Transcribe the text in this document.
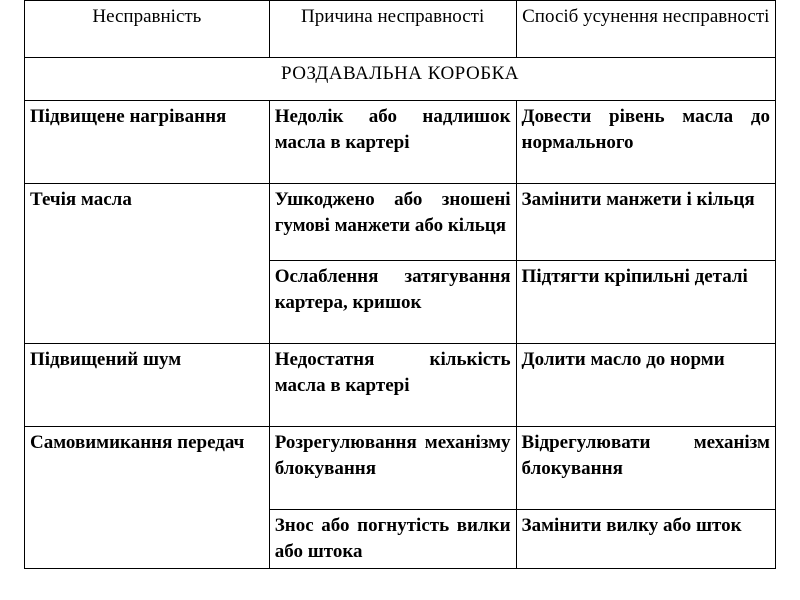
Несправність	Причина несправності	Спосіб усунення несправності
РОЗДАВАЛЬНА КОРОБКА		
Підвищене нагрівання	Недолік або надлишок масла в картері	Довести рівень масла до нормального
Течія масла	Ушкоджено або зношені гумові манжети або кільця	Замінити манжети і кільця
	Ослаблення затягування картера, кришок	Підтягти кріпильні деталі
Підвищений шум	Недостатня кількість масла в картері	Долити масло до норми
Самовимикання передач	Розрегулювання механізму блокування	Відрегулювати механізм блокування
	Знос або погнутість вилки або штока	Замінити вилку або шток
